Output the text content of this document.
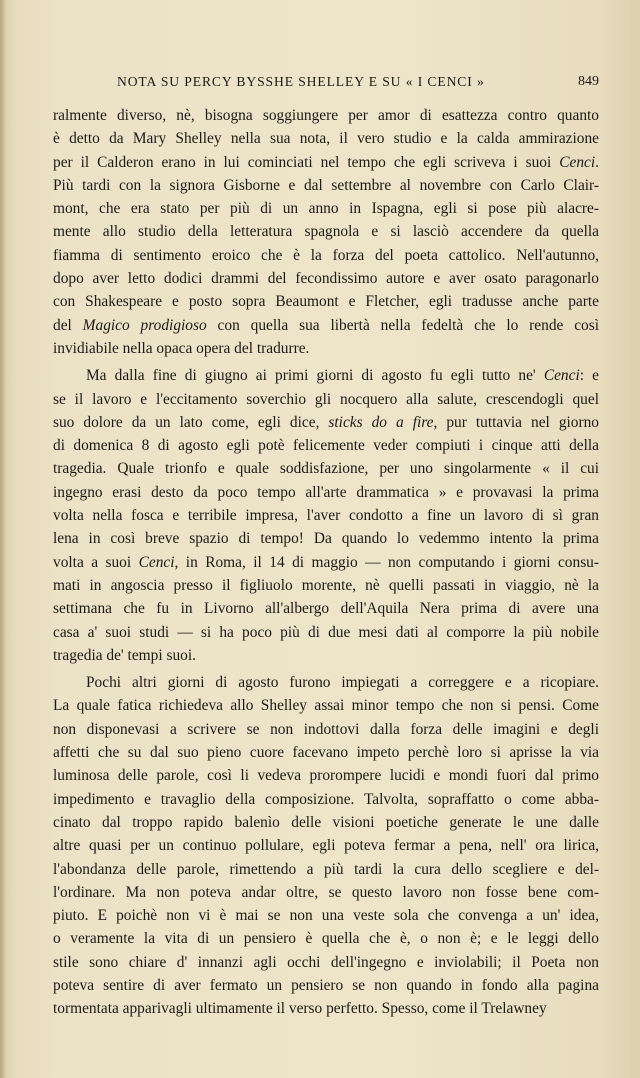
NOTA SU PERCY BYSSHE SHELLEY E SU « I CENCI »	849
ralmente diverso, nè, bisogna soggiungere per amor di esattezza contro quanto
è detto da Mary Shelley nella sua nota, il vero studio e la calda ammirazione
per il Calderon erano in lui cominciati nel tempo che egli scriveva i suoi Cenci.
Più tardi con la signora Gisborne e dal settembre al novembre con Carlo Clair-
mont, che era stato per più di un anno in Ispagna, egli si pose più alacre-
mente allo studio della letteratura spagnola e si lasciò accendere da quella
fiamma di sentimento eroico che è la forza del poeta cattolico. Nell'autunno,
dopo aver letto dodici drammi del fecondissimo autore e aver osato paragonarlo
con Shakespeare e posto sopra Beaumont e Fletcher, egli tradusse anche parte
del Magico prodigioso con quella sua libertà nella fedeltà che lo rende così
invidiabile nella opaca opera del tradurre.
Ma dalla fine di giugno ai primi giorni di agosto fu egli tutto ne' Cenci: e
se il lavoro e l'eccitamento soverchio gli nocquero alla salute, crescendogli quel
suo dolore da un lato come, egli dice, sticks do a fire, pur tuttavia nel giorno
di domenica 8 di agosto egli potè felicemente veder compiuti i cinque atti della
tragedia. Quale trionfo e quale soddisfazione, per uno singolarmente « il cui
ingegno erasi desto da poco tempo all'arte drammatica » e provavasi la prima
volta nella fosca e terribile impresa, l'aver condotto a fine un lavoro di sì gran
lena in così breve spazio di tempo! Da quando lo vedemmo intento la prima
volta a suoi Cenci, in Roma, il 14 di maggio — non computando i giorni consu-
mati in angoscia presso il figliuolo morente, nè quelli passati in viaggio, nè la
settimana che fu in Livorno all'albergo dell'Aquila Nera prima di avere una
casa a' suoi studi — si ha poco più di due mesi dati al comporre la più nobile
tragedia de' tempi suoi.
Pochi altri giorni di agosto furono impiegati a correggere e a ricopiare.
La quale fatica richiedeva allo Shelley assai minor tempo che non si pensi. Come
non disponevasi a scrivere se non indottovi dalla forza delle imagini e degli
affetti che su dal suo pieno cuore facevano impeto perchè loro si aprisse la via
luminosa delle parole, così li vedeva prorompere lucidi e mondi fuori dal primo
impedimento e travaglio della composizione. Talvolta, sopraffatto o come abba-
cinato dal troppo rapido balenìo delle visioni poetiche generate le une dalle
altre quasi per un continuo pollulare, egli poteva fermar a pena, nell' ora lirica,
l'abondanza delle parole, rimettendo a più tardi la cura dello scegliere e del-
l'ordinare. Ma non poteva andar oltre, se questo lavoro non fosse bene com-
piuto. E poichè non vi è mai se non una veste sola che convenga a un' idea,
o veramente la vita di un pensiero è quella che è, o non è; e le leggi dello
stile sono chiare d' innanzi agli occhi dell'ingegno e inviolabili; il Poeta non
poteva sentire di aver fermato un pensiero se non quando in fondo alla pagina
tormentata apparivagli ultimamente il verso perfetto. Spesso, come il Trelawney
